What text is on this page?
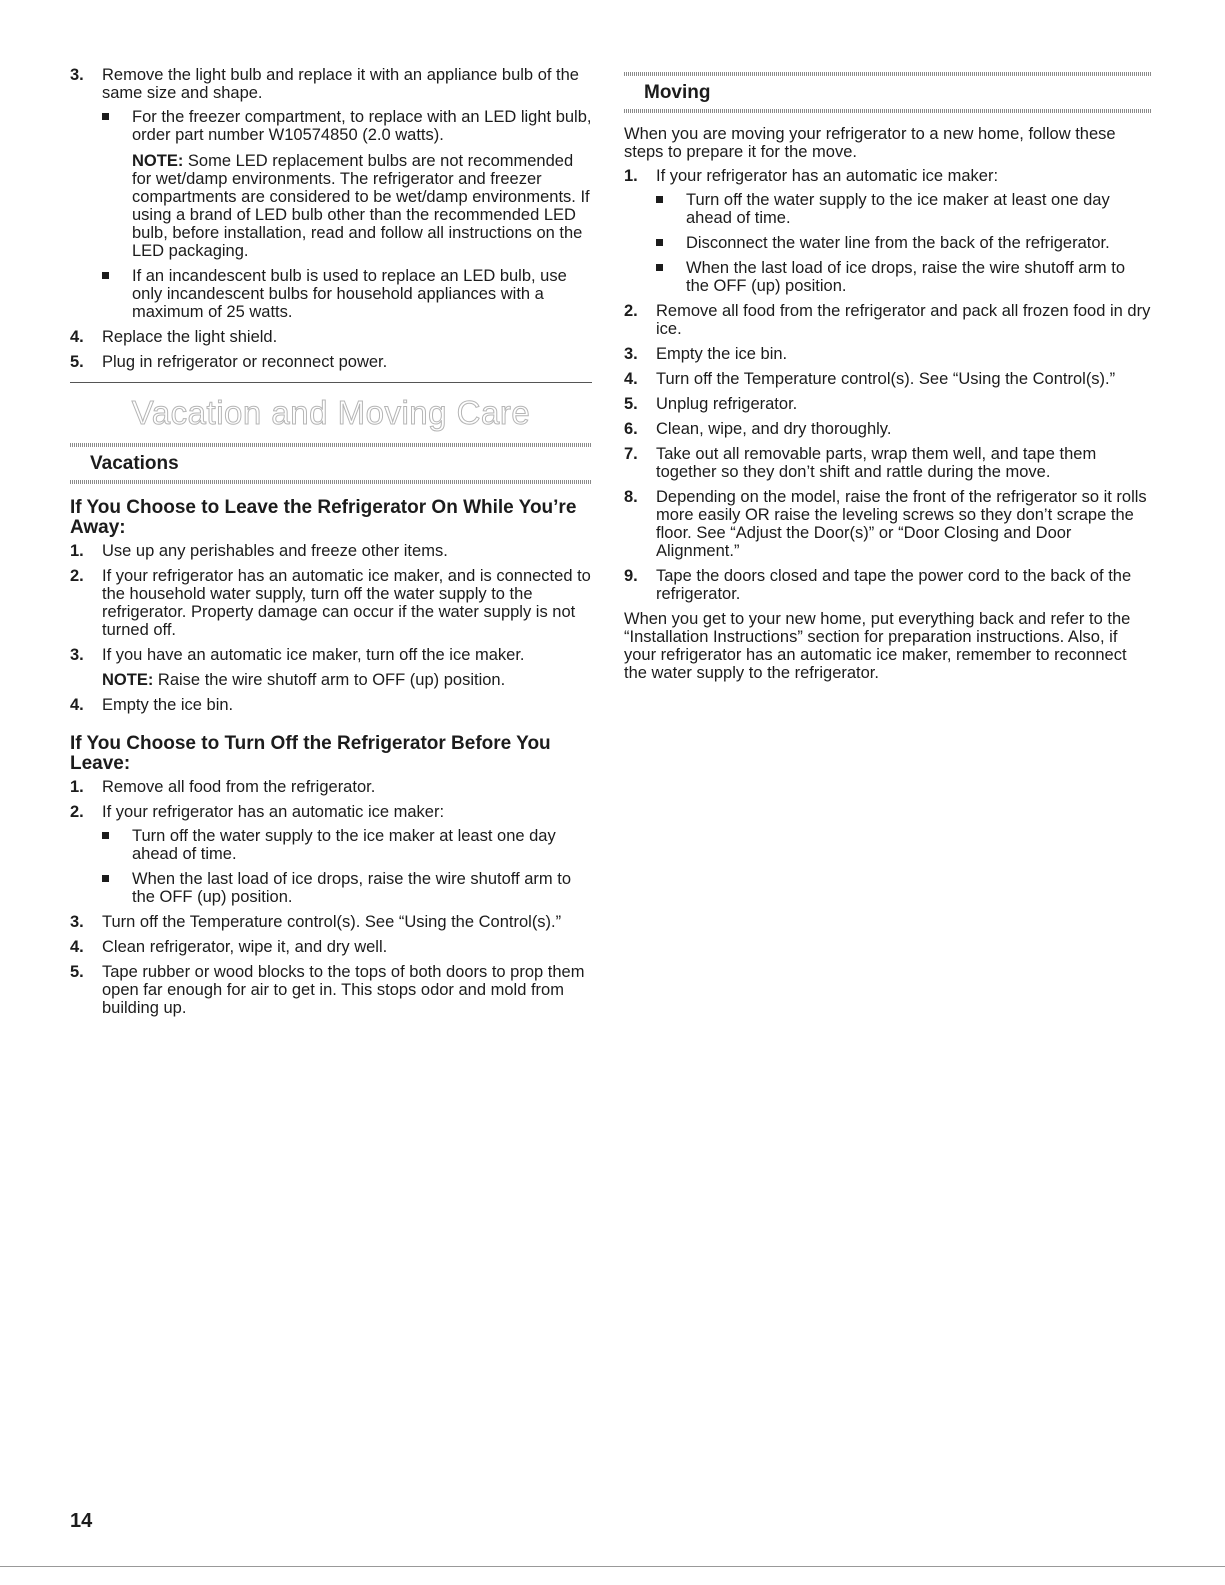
3. Remove the light bulb and replace it with an appliance bulb of the same size and shape.
For the freezer compartment, to replace with an LED light bulb, order part number W10574850 (2.0 watts).
NOTE: Some LED replacement bulbs are not recommended for wet/damp environments. The refrigerator and freezer compartments are considered to be wet/damp environments. If using a brand of LED bulb other than the recommended LED bulb, before installation, read and follow all instructions on the LED packaging.
If an incandescent bulb is used to replace an LED bulb, use only incandescent bulbs for household appliances with a maximum of 25 watts.
4. Replace the light shield.
5. Plug in refrigerator or reconnect power.
Vacation and Moving Care
Vacations
If You Choose to Leave the Refrigerator On While You’re Away:
1. Use up any perishables and freeze other items.
2. If your refrigerator has an automatic ice maker, and is connected to the household water supply, turn off the water supply to the refrigerator. Property damage can occur if the water supply is not turned off.
3. If you have an automatic ice maker, turn off the ice maker.
NOTE: Raise the wire shutoff arm to OFF (up) position.
4. Empty the ice bin.
If You Choose to Turn Off the Refrigerator Before You Leave:
1. Remove all food from the refrigerator.
2. If your refrigerator has an automatic ice maker:
Turn off the water supply to the ice maker at least one day ahead of time.
When the last load of ice drops, raise the wire shutoff arm to the OFF (up) position.
3. Turn off the Temperature control(s). See “Using the Control(s).”
4. Clean refrigerator, wipe it, and dry well.
5. Tape rubber or wood blocks to the tops of both doors to prop them open far enough for air to get in. This stops odor and mold from building up.
Moving
When you are moving your refrigerator to a new home, follow these steps to prepare it for the move.
1. If your refrigerator has an automatic ice maker:
Turn off the water supply to the ice maker at least one day ahead of time.
Disconnect the water line from the back of the refrigerator.
When the last load of ice drops, raise the wire shutoff arm to the OFF (up) position.
2. Remove all food from the refrigerator and pack all frozen food in dry ice.
3. Empty the ice bin.
4. Turn off the Temperature control(s). See “Using the Control(s).”
5. Unplug refrigerator.
6. Clean, wipe, and dry thoroughly.
7. Take out all removable parts, wrap them well, and tape them together so they don’t shift and rattle during the move.
8. Depending on the model, raise the front of the refrigerator so it rolls more easily OR raise the leveling screws so they don’t scrape the floor. See “Adjust the Door(s)” or “Door Closing and Door Alignment.”
9. Tape the doors closed and tape the power cord to the back of the refrigerator.
When you get to your new home, put everything back and refer to the “Installation Instructions” section for preparation instructions. Also, if your refrigerator has an automatic ice maker, remember to reconnect the water supply to the refrigerator.
14
